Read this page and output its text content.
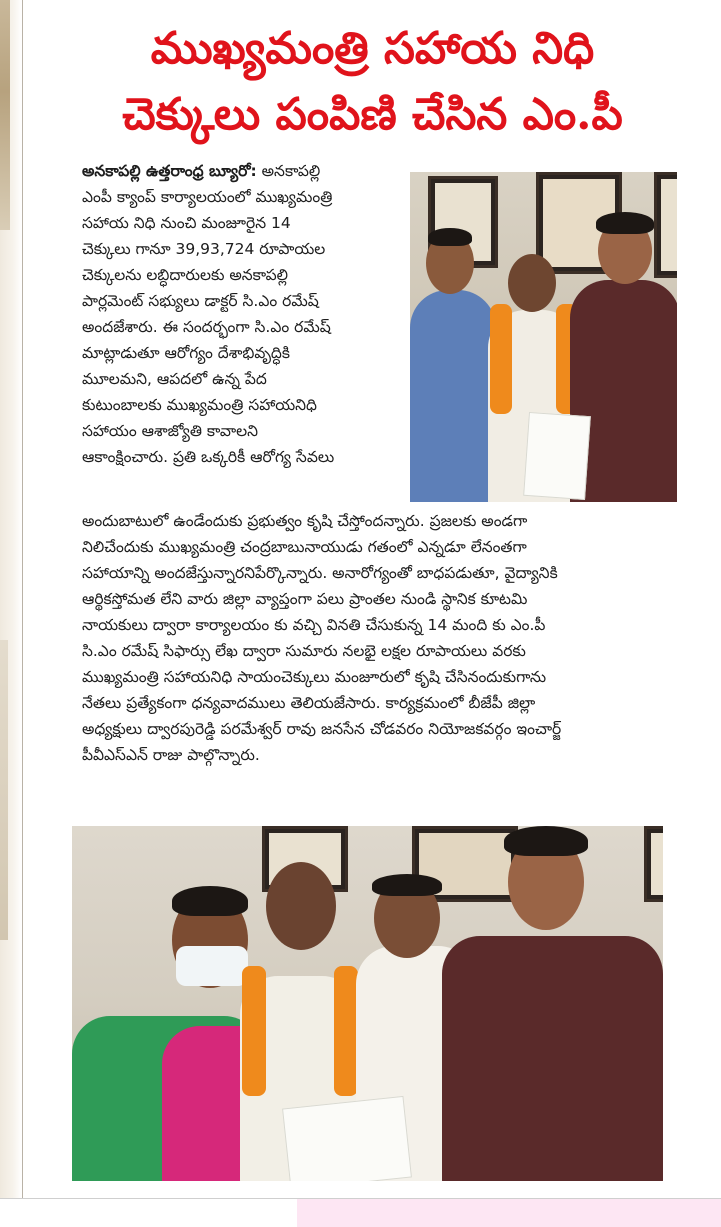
ముఖ్యమంత్రి సహాయ నిధి
చెక్కులు పంపిణి చేసిన ఎం.పీ
అనకాపల్లి ఉత్తరాంధ్ర బ్యూరో: అనకాపల్లి
ఎంపీ క్యాంప్ కార్యాలయంలో ముఖ్యమంత్రి
సహాయ నిధి నుంచి మంజూరైన 14
చెక్కులు గానూ 39,93,724 రూపాయల
చెక్కులను లబ్ధిదారులకు అనకాపల్లి
పార్లమెంట్ సభ్యులు డాక్టర్ సి.ఎం రమేష్
అందజేశారు. ఈ సందర్భంగా సి.ఎం రమేష్
మాట్లాడుతూ ఆరోగ్యం దేశాభివృద్ధికి
మూలమని, ఆపదలో ఉన్న పేద
కుటుంబాలకు ముఖ్యమంత్రి సహాయనిధి
సహాయం ఆశాజ్యోతి కావాలని
ఆకాంక్షించారు. ప్రతి ఒక్కరికీ ఆరోగ్య సేవలు
అందుబాటులో ఉండేందుకు ప్రభుత్వం కృషి చేస్తోందన్నారు. ప్రజలకు అండగా
నిలిచేందుకు ముఖ్యమంత్రి చంద్రబాబునాయుడు గతంలో ఎన్నడూ లేనంతగా
సహాయాన్ని అందజేస్తున్నారనిపేర్కొన్నారు. అనారోగ్యంతో బాధపడుతూ, వైద్యానికి
ఆర్థికస్తోమత లేని వారు జిల్లా వ్యాప్తంగా పలు ప్రాంతల నుండి స్థానిక కూటమి
నాయకులు ద్వారా కార్యాలయం కు వచ్చి వినతి చేసుకున్న 14 మంది కు ఎం.పీ
సి.ఎం రమేష్ సిఫార్సు లేఖ ద్వారా సుమారు నలభై లక్షల రూపాయలు వరకు
ముఖ్యమంత్రి సహాయనిధి సాయంచెక్కులు మంజూరులో కృషి చేసినందుకుగాను
నేతలు ప్రత్యేకంగా ధన్యవాదములు తెలియజేసారు. కార్యక్రమంలో బీజేపీ జిల్లా
అధ్యక్షులు ద్వారపురెడ్డి పరమేశ్వర్ రావు జనసేన చోడవరం నియోజకవర్గం ఇంచార్జ్
పీవీఎస్ఎన్ రాజు పాల్గొన్నారు.
